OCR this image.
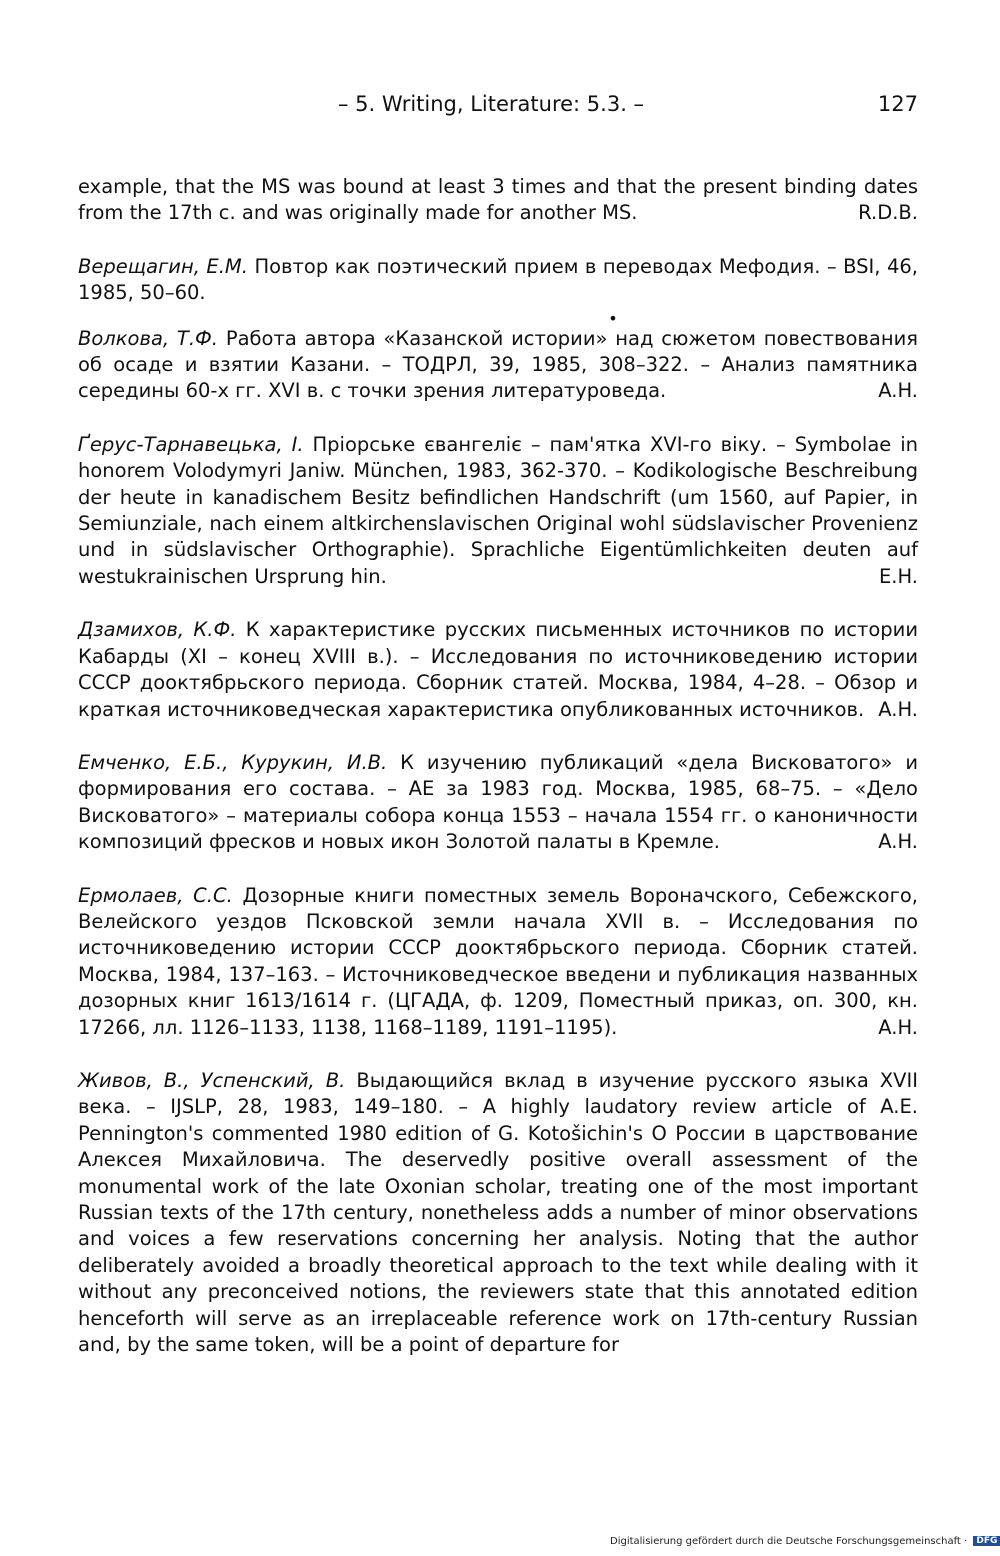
– 5. Writing, Literature: 5.3. –	127

example, that the MS was bound at least 3 times and that the present binding dates from the 17th c. and was originally made for another MS.	R.D.B.

Верещагин, Е.М. Повтор как поэтический прием в переводах Мефодия. – BSI, 46, 1985, 50–60.

•

Волкова, Т.Ф. Работа автора «Казанской истории» над сюжетом повествования об осаде и взятии Казани. – ТОДРЛ, 39, 1985, 308–322. – Анализ памятника середины 60-х гг. XVI в. с точки зрения литературоведа.	A.H.

Ґерус-Тарнавецька, І. Пріорське євангеліє – пам'ятка XVI-го віку. – Symbolae in honorem Volodymyri Janiw. München, 1983, 362-370. – Kodikologische Beschreibung der heute in kanadischem Besitz befindlichen Handschrift (um 1560, auf Papier, in Semiunziale, nach einem altkirchenslavischen Original wohl südslavischer Provenienz und in südslavischer Orthographie). Sprachliche Eigentümlichkeiten deuten auf westukrainischen Ursprung hin.	E.H.

Дзамихов, К.Ф. К характеристике русских письменных источников по истории Кабарды (XI – конец XVIII в.). – Исследования по источниковедению истории СССР доoктябрьского периода. Сборник статей. Москва, 1984, 4–28. – Обзор и краткая источниковедческая характеристика опубликованных источников. A.H.

Емченко, Е.Б., Курукин, И.В. К изучению публикаций «дела Висковатого» и формирования его состава. – АЕ за 1983 год. Москва, 1985, 68–75. – «Дело Висковатого» – материалы собора конца 1553 – начала 1554 гг. о каноничности композиций фресков и новых икон Золотой палаты в Кремле.	A.H.

Ермолаев, С.С. Дозорные книги поместных земель Вороначского, Себежского, Велейского уездов Псковской земли начала XVII в. – Исследования по источниковедению истории СССР доoктябрьского периода. Сборник статей. Москва, 1984, 137–163. – Источниковедческое введени и публикация названных дозорных книг 1613/1614 г. (ЦГАДА, ф. 1209, Поместный приказ, оп. 300, кн. 17266, лл. 1126–1133, 1138, 1168–1189, 1191–1195).	A.H.

Живов, В., Успенский, В. Выдающийся вклад в изучение русского языка XVII века. – IJSLP, 28, 1983, 149–180. – A highly laudatory review article of A.E. Pennington's commented 1980 edition of G. Kotošichin's О России в царствование Алексея Михайловича. The deservedly positive overall assessment of the monumental work of the late Oxonian scholar, treating one of the most important Russian texts of the 17th century, nonetheless adds a number of minor observations and voices a few reservations concerning her analysis. Noting that the author deliberately avoided a broadly theoretical approach to the text while dealing with it without any preconceived notions, the reviewers state that this annotated edition henceforth will serve as an irreplaceable reference work on 17th-century Russian and, by the same token, will be a point of departure for

Digitalisierung gefördert durch die Deutsche Forschungsgemeinschaft · DFG
